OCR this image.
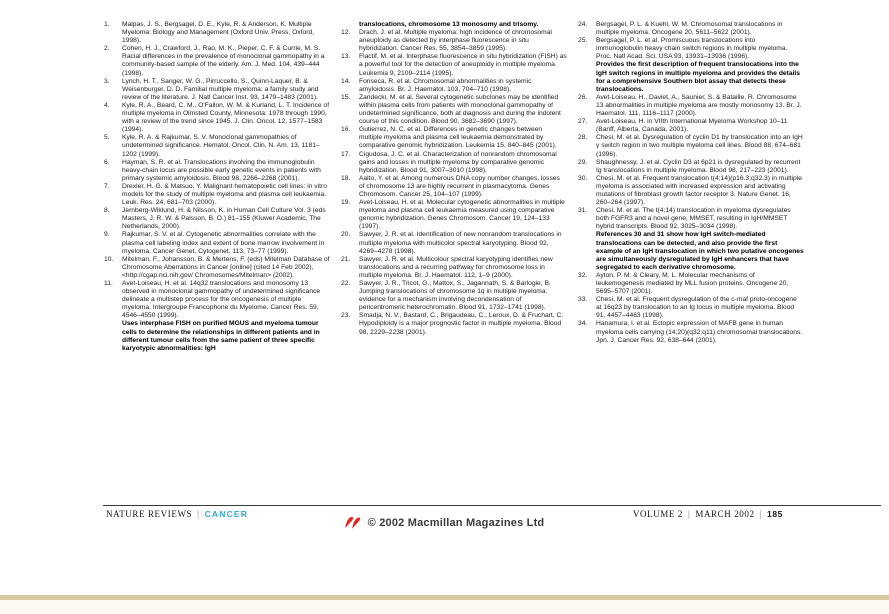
1.	Malpas, J. S., Bergsagel, D. E., Kyle, R. & Anderson, K. Multiple Myeloma: Biology and Management (Oxford Univ. Press, Oxford, 1998).
2.	Cohen, H. J., Crawford, J., Rao, M. K., Pieper, C. F. & Currie, M. S. Racial differences in the prevalence of monoclonal gammopathy in a community-based sample of the elderly. Am. J. Med. 104, 439–444 (1998).
3.	Lynch, H. T., Sanger, W. G., Pirruccello, S., Quinn-Laquer, B. & Weisenburger, D. D. Familial multiple myeloma: a family study and review of the literature. J. Natl Cancer Inst. 93, 1479–1483 (2001).
4.	Kyle, R. A., Beard, C. M., O'Fallon, W. M. & Kurland, L. T. Incidence of multiple myeloma in Olmsted County, Minnesota: 1978 through 1990, with a review of the trend since 1945. J. Clin. Oncol. 12, 1577–1583 (1994).
5.	Kyle, R. A. & Rajkumar, S. V. Monoclonal gammopathies of undetermined significance. Hematol. Oncol. Clin. N. Am. 13, 1181–1202 (1999).
6.	Hayman, S. R. et al. Translocations involving the immunoglobulin heavy-chain locus are possible early genetic events in patients with primary systemic amyloidosis. Blood 98, 2266–2268 (2001).
7.	Drexler, H. G. & Matsuo, Y. Malignant hematopoietic cell lines: in vitro models for the study of multiple myeloma and plasma cell leukaemia. Leuk. Res. 24, 681–703 (2000).
8.	Jernberg-Wiklund, H. & Nilsson, K. in Human Cell Culture Vol. 3 (eds Masters, J. R. W. & Palsson, B. O.) 81–155 (Kluwer Academic, The Netherlands, 2000).
9.	Rajkumar, S. V. et al. Cytogenetic abnormalities correlate with the plasma cell labeling index and extent of bone marrow involvement in myeloma. Cancer Genet. Cytogenet. 113, 73–77 (1999).
10.	Mitelman, F., Johansson, B. & Mertens, F. (eds) Mitelman Database of Chromosome Aberrations in Cancer [online] (cited 14 Feb 2002), <http://cgap.nci.nih.gov/ Chromosomes/Mitelman> (2002).
11.	Avet-Loiseau, H. et al. 14q32 translocations and monosomy 13 observed in monoclonal gammopathy of undetermined significance delineate a multistep process for the oncogenesis of multiple myeloma. Intergroupe Francophone du Myelome. Cancer Res. 59, 4546–4550 (1999).
Uses interphase FISH on purified MGUS and myeloma tumour cells to determine the relationships in different patients and in different tumour cells from the same patient of three specific karyotypic abnormalities: IgH
translocations, chromosome 13 monosomy and trisomy.
12.	Drach, J. et al. Multiple myeloma: high incidence of chromosomal aneuploidy as detected by interphase fluorescence in situ hybridization. Cancer Res. 55, 3854–3859 (1995).
13.	Flactif, M. et al. Interphase fluorescence in situ hybridization (FISH) as a powerful tool for the detection of aneuploidy in multiple myeloma. Leukemia 9, 2109–2114 (1995).
14.	Fonseca, R. et al. Chromosomal abnormalities in systemic amyloidosis. Br. J. Haematol. 103, 704–710 (1998).
15.	Zandecki, M. et al. Several cytogenetic subclones may be identified within plasma cells from patients with monoclonal gammopathy of undetermined significance, both at diagnosis and during the indolent course of this condition. Blood 90, 3682–3690 (1997).
16.	Gutierrez, N. C. et al. Differences in genetic changes between multiple myeloma and plasma cell leukaemia demonstrated by comparative genomic hybridization. Leukemia 15, 840–845 (2001).
17.	Cigudosa, J. C. et al. Characterization of nonrandom chromosomal gains and losses in multiple myeloma by comparative genomic hybridization. Blood 91, 3007–3010 (1998).
18.	Aalto, Y. et al. Among numerous DNA copy number changes, losses of chromosome 13 are highly recurrent in plasmacytoma. Genes Chromosom. Cancer 25, 104–107 (1999).
19.	Avet-Loiseau, H. et al. Molecular cytogenetic abnormalities in multiple myeloma and plasma cell leukaemia measured using comparative genomic hybridization. Genes Chromosom. Cancer 19, 124–133 (1997).
20.	Sawyer, J. R. et al. Identification of new nonrandom translocations in multiple myeloma with multicolor spectral karyotyping. Blood 92, 4269–4278 (1998).
21.	Sawyer, J. R. et al. Multicolour spectral karyotyping identifies new translocations and a recurring pathway for chromosome loss in multiple myeloma. Br. J. Haematol. 112, 1–9 (2000).
22.	Sawyer, J. R., Tricot, G., Mattox, S., Jagannath, S. & Barlogie, B. Jumping translocations of chromosome 1q in multiple myeloma: evidence for a mechanism involving decondensation of pericentromeric heterochromatin. Blood 91, 1732–1741 (1998).
23.	Smadja, N. V., Bastard, C., Brigaudeau, C., Leroux, D. & Fruchart, C. Hypodiploidy is a major prognostic factor in multiple myeloma. Blood 98, 2229–2238 (2001).
24.	Bergsagel, P. L. & Kuehl, W. M. Chromosomal translocations in multiple myeloma. Oncogene 20, 5611–5622 (2001).
25.	Bergsagel, P. L. et al. Promiscuous translocations into immunoglobulin heavy chain switch regions in multiple myeloma. Proc. Natl Acad. Sci. USA 93, 13931–13936 (1996).
Provides the first description of frequent translocations into the IgH switch regions in multiple myeloma and provides the details for a comprehensive Southern blot assay that detects these translocations.
26.	Avet-Loiseau, H., Daviet, A., Saunier, S. & Bataille, R. Chromosome 13 abnormalities in multiple myeloma are mostly monosomy 13. Br. J. Haematol. 111, 1116–1117 (2000).
27.	Avet-Loiseau, H. in VIIth International Myeloma Workshop 10–11 (Banff, Alberta, Canada, 2001).
28.	Chesi, M. et al. Dysregulation of cyclin D1 by translocation into an IgH γ switch region in two multiple myeloma cell lines. Blood 88, 674–681 (1996).
29.	Shaughnessy, J. et al. Cyclin D3 at 6p21 is dysregulated by recurrent Ig translocations in multiple myeloma. Blood 98, 217–223 (2001).
30.	Chesi, M. et al. Frequent translocation t(4;14)(p16.3;q32.3) in multiple myeloma is associated with increased expression and activating mutations of fibroblast growth factor receptor 3. Nature Genet. 16, 260–264 (1997).
31.	Chesi, M. et al. The t(4;14) translocation in myeloma dysregulates both FGFR3 and a novel gene, MMSET, resulting in IgH/MMSET hybrid transcripts. Blood 92, 3025–3034 (1998).
References 30 and 31 show how IgH switch-mediated translocations can be detected, and also provide the first example of an IgH translocation in which two putative oncogenes are simultaneously dysregulated by IgH enhancers that have segregated to each derivative chromosome.
32.	Ayton, P. M. & Cleary, M. L. Molecular mechanisms of leukemogenesis mediated by MLL fusion proteins. Oncogene 20, 5695–5707 (2001).
33.	Chesi, M. et al. Frequent dysregulation of the c-maf proto-oncogene at 16q23 by translocation to an Ig locus in multiple myeloma. Blood 91, 4457–4463 (1998).
34.	Hanamura, I. et al. Ectopic expression of MAFB gene in human myeloma cells carrying (14;20)(q32;q11) chromosomal translocations. Jpn. J. Cancer Res. 92, 638–644 (2001).
NATURE REVIEWS | CANCER	VOLUME 2 | MARCH 2002 | 185
© 2002 Macmillan Magazines Ltd
